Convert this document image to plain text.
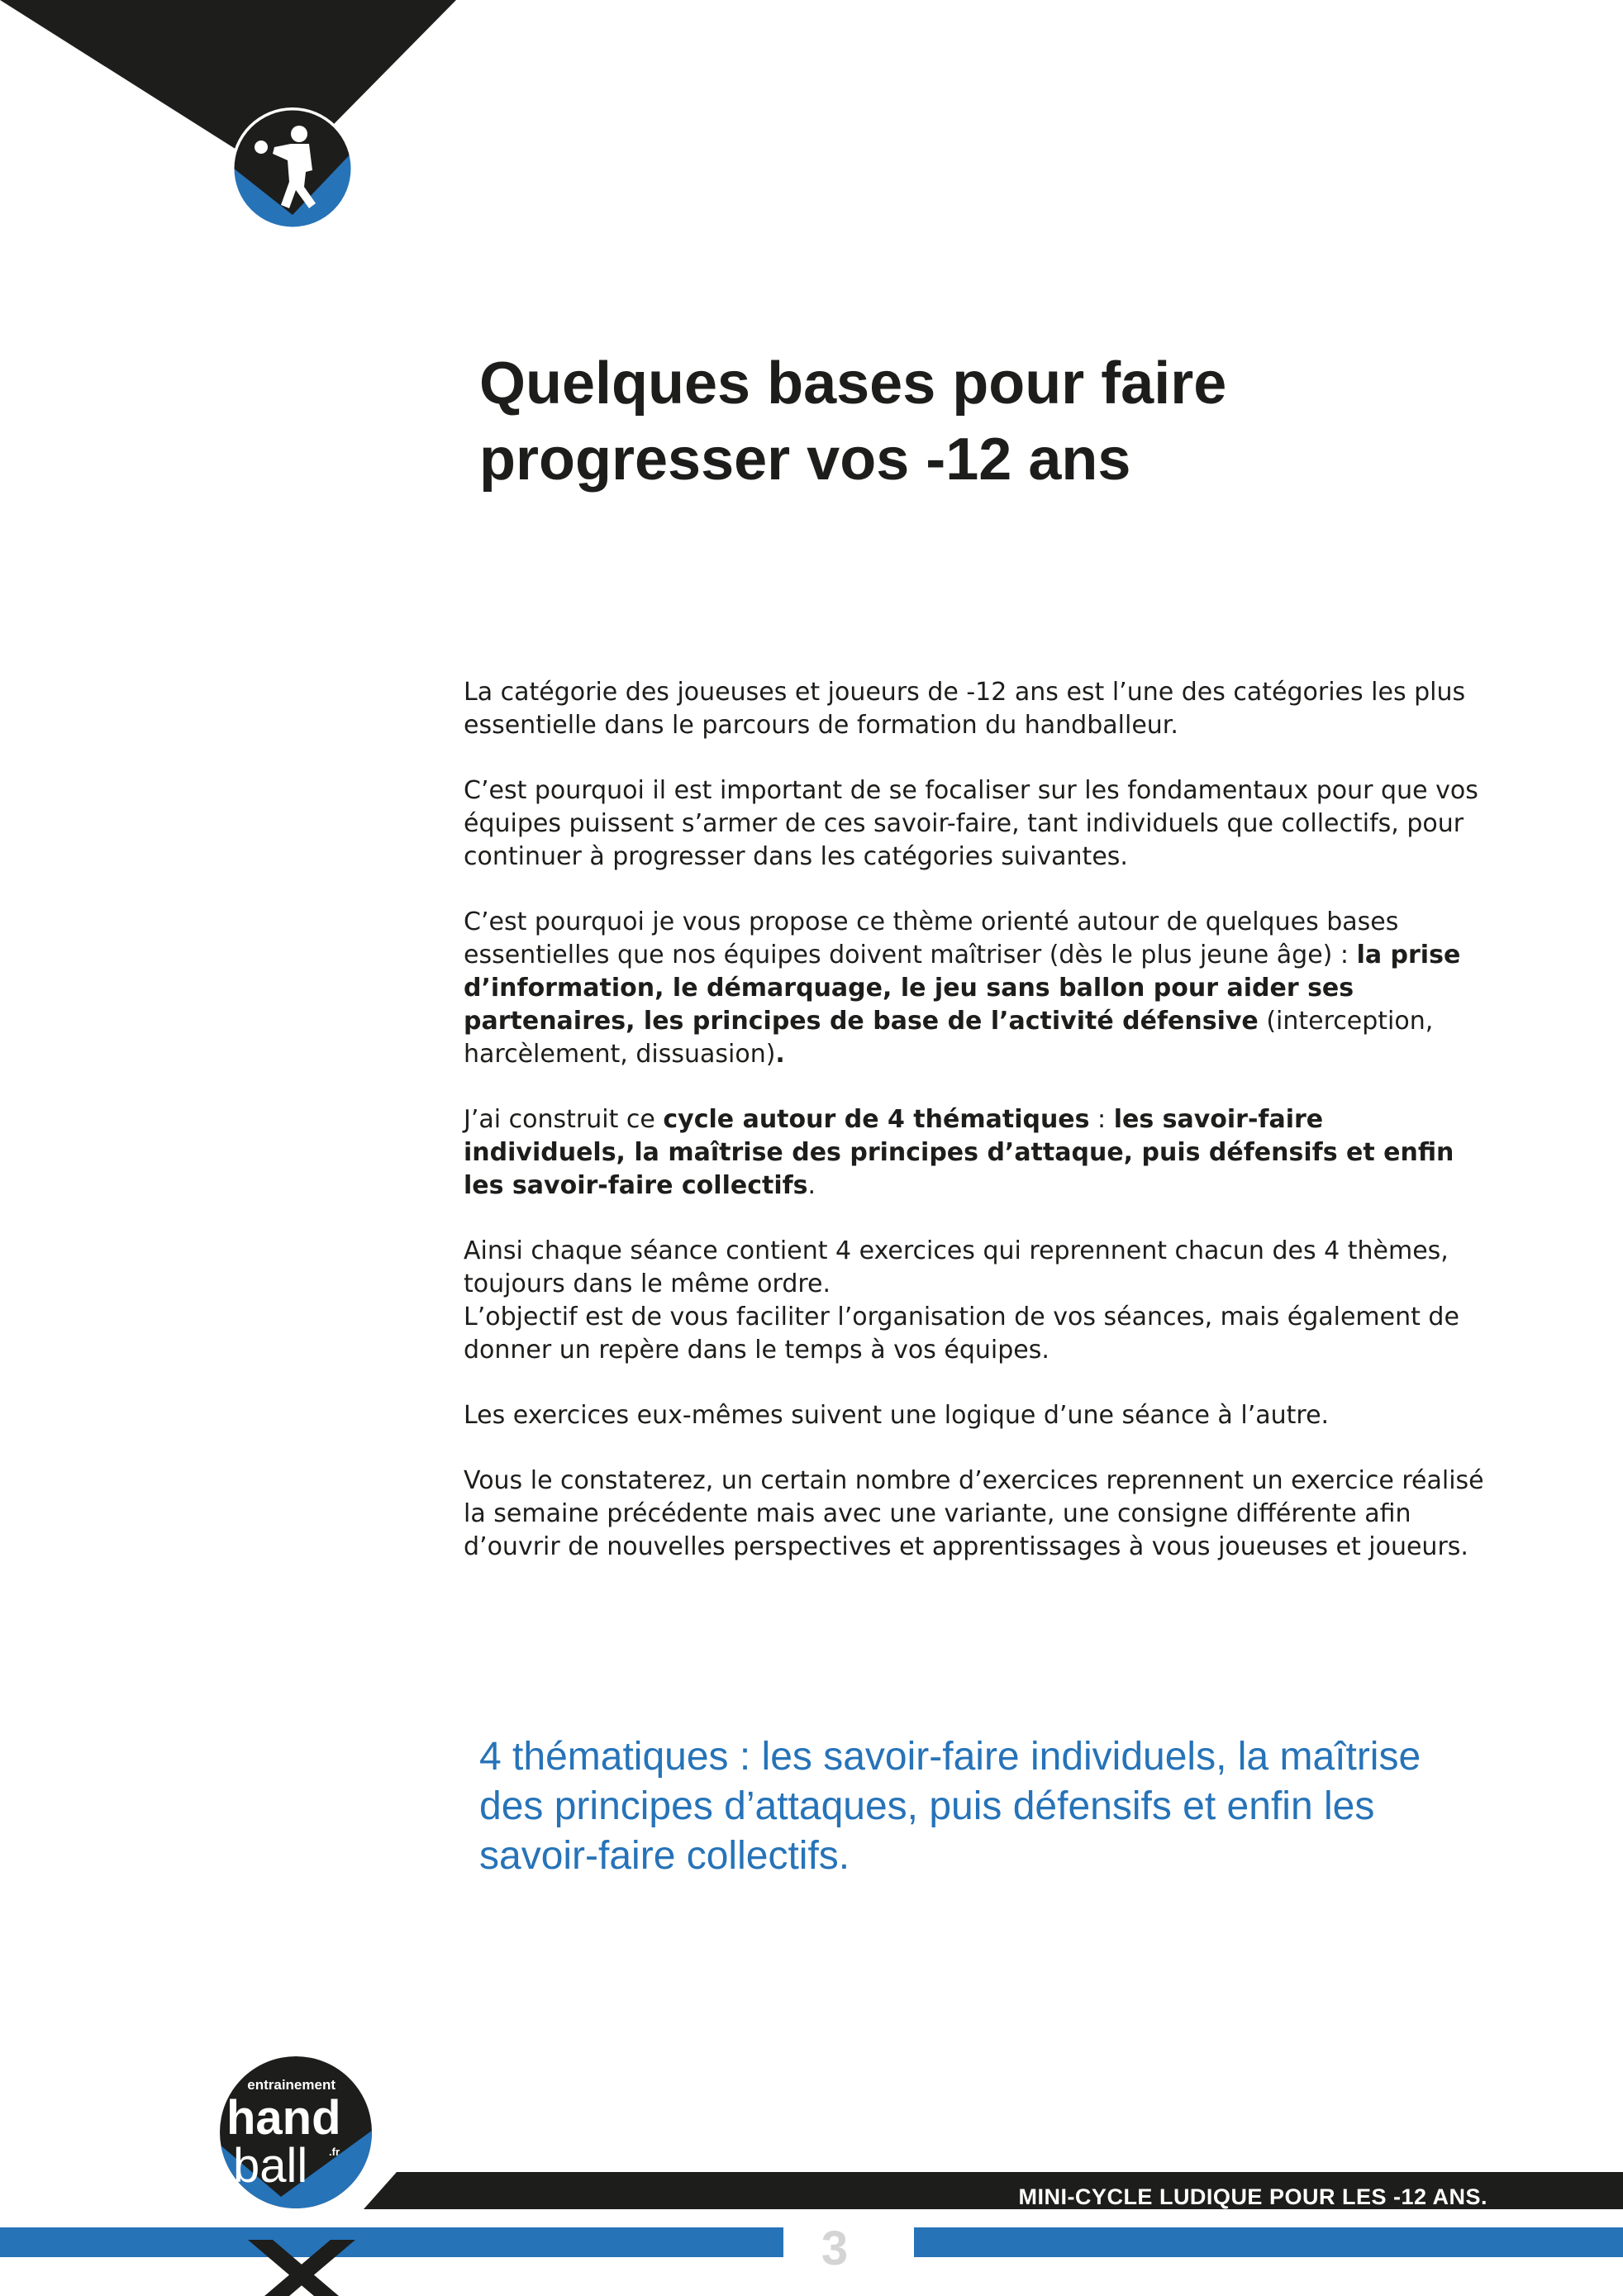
Quelques bases pour faire
progresser vos -12 ans

La catégorie des joueuses et joueurs de -12 ans est l’une des catégories les plus essentielle dans le parcours de formation du handballeur.

C’est pourquoi il est important de se focaliser sur les fondamentaux pour que vos équipes puissent s’armer de ces savoir-faire, tant individuels que collectifs, pour continuer à progresser dans les catégories suivantes.

C’est pourquoi je vous propose ce thème orienté autour de quelques bases essentielles que nos équipes doivent maîtriser (dès le plus jeune âge) : la prise d’information, le démarquage, le jeu sans ballon pour aider ses partenaires, les principes de base de l’activité défensive (interception, harcèlement, dissuasion).

J’ai construit ce cycle autour de 4 thématiques : les savoir-faire individuels, la maîtrise des principes d’attaque, puis défensifs et enfin les savoir-faire collectifs.

Ainsi chaque séance contient 4 exercices qui reprennent chacun des 4 thèmes, toujours dans le même ordre.
L’objectif est de vous faciliter l’organisation de vos séances, mais également de donner un repère dans le temps à vos équipes.

Les exercices eux-mêmes suivent une logique d’une séance à l’autre.

Vous le constaterez, un certain nombre d’exercices reprennent un exercice réalisé la semaine précédente mais avec une variante, une consigne différente afin d’ouvrir de nouvelles perspectives et apprentissages à vous joueuses et joueurs.

4 thématiques : les savoir-faire individuels, la maîtrise
des principes d’attaques, puis défensifs et enfin les
savoir-faire collectifs.
MINI-CYCLE LUDIQUE POUR LES -12 ANS.
3
entrainement
hand
ball .fr
